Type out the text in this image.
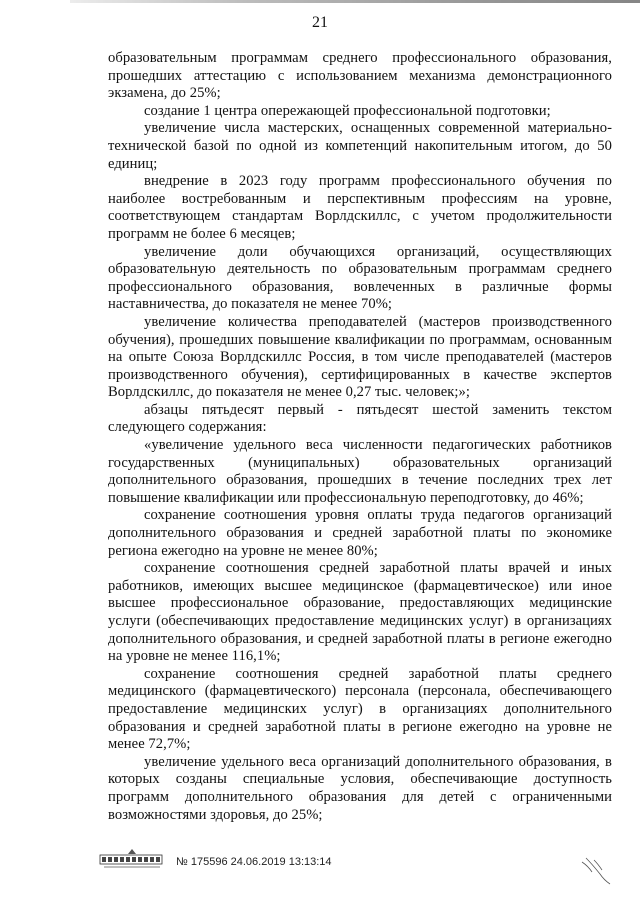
21

образовательным программам среднего профессионального образования, прошедших аттестацию с использованием механизма демонстрационного экзамена, до 25%;

создание 1 центра опережающей профессиональной подготовки;

увеличение числа мастерских, оснащенных современной материально-технической базой по одной из компетенций накопительным итогом, до 50 единиц;

внедрение в 2023 году программ профессионального обучения по наиболее востребованным и перспективным профессиям на уровне, соответствующем стандартам Ворлдскиллс, с учетом продолжительности программ не более 6 месяцев;

увеличение доли обучающихся организаций, осуществляющих образовательную деятельность по образовательным программам среднего профессионального образования, вовлеченных в различные формы наставничества, до показателя не менее 70%;

увеличение количества преподавателей (мастеров производственного обучения), прошедших повышение квалификации по программам, основанным на опыте Союза Ворлдскиллс Россия, в том числе преподавателей (мастеров производственного обучения), сертифицированных в качестве экспертов Ворлдскиллс, до показателя не менее 0,27 тыс. человек;»;

абзацы пятьдесят первый - пятьдесят шестой заменить текстом следующего содержания:

«увеличение удельного веса численности педагогических работников государственных (муниципальных) образовательных организаций дополнительного образования, прошедших в течение последних трех лет повышение квалификации или профессиональную переподготовку, до 46%;

сохранение соотношения уровня оплаты труда педагогов организаций дополнительного образования и средней заработной платы по экономике региона ежегодно на уровне не менее 80%;

сохранение соотношения средней заработной платы врачей и иных работников, имеющих высшее медицинское (фармацевтическое) или иное высшее профессиональное образование, предоставляющих медицинские услуги (обеспечивающих предоставление медицинских услуг) в организациях дополнительного образования, и средней заработной платы в регионе ежегодно на уровне не менее 116,1%;

сохранение соотношения средней заработной платы среднего медицинского (фармацевтического) персонала (персонала, обеспечивающего предоставление медицинских услуг) в организациях дополнительного образования и средней заработной платы в регионе ежегодно на уровне не менее 72,7%;

увеличение удельного веса организаций дополнительного образования, в которых созданы специальные условия, обеспечивающие доступность программ дополнительного образования для детей с ограниченными возможностями здоровья, до 25%;

№ 175596 24.06.2019 13:13:14
